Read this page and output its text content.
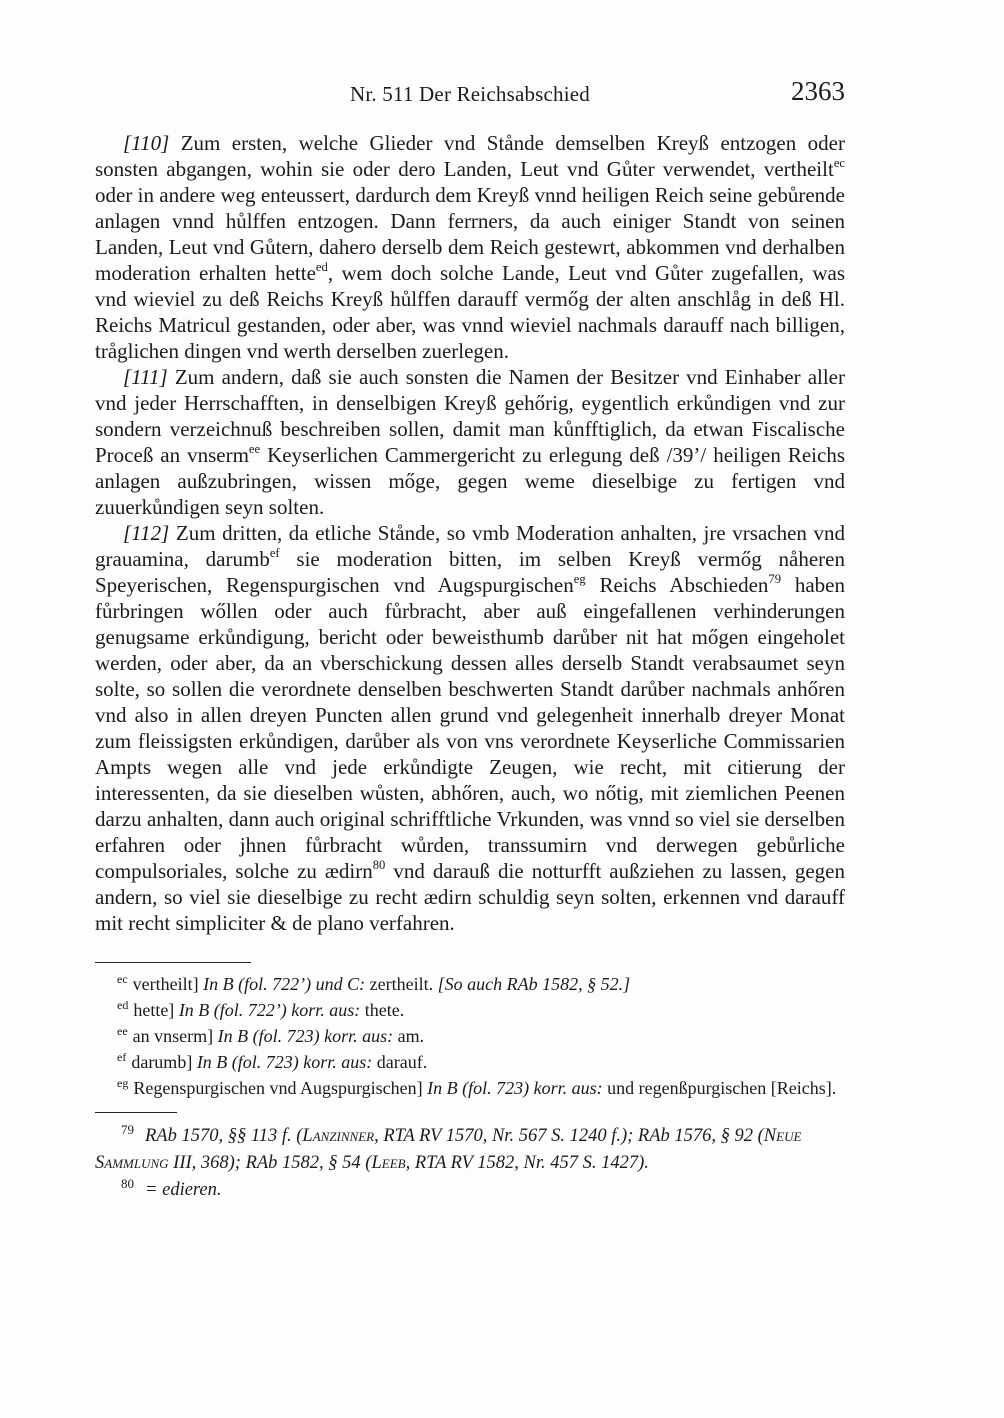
Nr. 511 Der Reichsabschied	2363

[110] Zum ersten, welche Glieder vnd Stånde demselben Kreyß entzogen oder sonsten abgangen, wohin sie oder dero Landen, Leut vnd Gůter verwendet, vertheilt$^{ec}$ oder in andere weg enteussert, dardurch dem Kreyß vnnd heiligen Reich seine gebůrende anlagen vnnd hůlffen entzogen. Dann ferrners, da auch einiger Standt von seinen Landen, Leut vnd Gůtern, dahero derselb dem Reich gestewrt, abkommen vnd derhalben moderation erhalten hette$^{ed}$, wem doch solche Lande, Leut vnd Gůter zugefallen, was vnd wieviel zu deß Reichs Kreyß hůlffen darauff vermőg der alten anschlåg in deß Hl. Reichs Matricul gestanden, oder aber, was vnnd wieviel nachmals darauff nach billigen, tråglichen dingen vnd werth derselben zuerlegen.

[111] Zum andern, daß sie auch sonsten die Namen der Besitzer vnd Einhaber aller vnd jeder Herrschafften, in denselbigen Kreyß gehőrig, eygentlich erkůndigen vnd zur sondern verzeichnuß beschreiben sollen, damit man kůnfftiglich, da etwan Fiscalische Proceß an vnserm$^{ee}$ Keyserlichen Cammergericht zu erlegung deß /39’/ heiligen Reichs anlagen außzubringen, wissen mőge, gegen weme dieselbige zu fertigen vnd zuuerkůndigen seyn solten.

[112] Zum dritten, da etliche Stånde, so vmb Moderation anhalten, jre vrsachen vnd grauamina, darumb$^{ef}$ sie moderation bitten, im selben Kreyß vermőg nåheren Speyerischen, Regenspurgischen vnd Augspurgischen$^{eg}$ Reichs Abschieden$^{79}$ haben fůrbringen wőllen oder auch fůrbracht, aber auß eingefallenen verhinderungen genugsame erkůndigung, bericht oder beweisthumb darůber nit hat mőgen eingeholet werden, oder aber, da an vberschickung dessen alles derselb Standt verabsaumet seyn solte, so sollen die verordnete denselben beschwerten Standt darůber nachmals anhőren vnd also in allen dreyen Puncten allen grund vnd gelegenheit innerhalb dreyer Monat zum fleissigsten erkůndigen, darůber als von vns verordnete Keyserliche Commissarien Ampts wegen alle vnd jede erkůndigte Zeugen, wie recht, mit citierung der interessenten, da sie dieselben wůsten, abhőren, auch, wo nőtig, mit ziemlichen Peenen darzu anhalten, dann auch original schrifftliche Vrkunden, was vnnd so viel sie derselben erfahren oder jhnen fůrbracht wůrden, transsumirn vnd derwegen gebůrliche compulsoriales, solche zu ædirn$^{80}$ vnd darauß die notturfft außziehen zu lassen, gegen andern, so viel sie dieselbige zu recht ædirn schuldig seyn solten, erkennen vnd darauff mit recht simpliciter & de plano verfahren.

$^{ec}$ vertheilt] In B (fol. 722’) und C: zertheilt. [So auch RAb 1582, § 52.]

$^{ed}$ hette] In B (fol. 722’) korr. aus: thete.

$^{ee}$ an vnserm] In B (fol. 723) korr. aus: am.

$^{ef}$ darumb] In B (fol. 723) korr. aus: darauf.

$^{eg}$ Regenspurgischen vnd Augspurgischen] In B (fol. 723) korr. aus: und regenßpurgischen [Reichs].

$^{79}$ RAb 1570, §§ 113 f. (Lanzinner, RTA RV 1570, Nr. 567 S. 1240 f.); RAb 1576, § 92 (Neue Sammlung III, 368); RAb 1582, § 54 (Leeb, RTA RV 1582, Nr. 457 S. 1427).

$^{80}$ = edieren.
